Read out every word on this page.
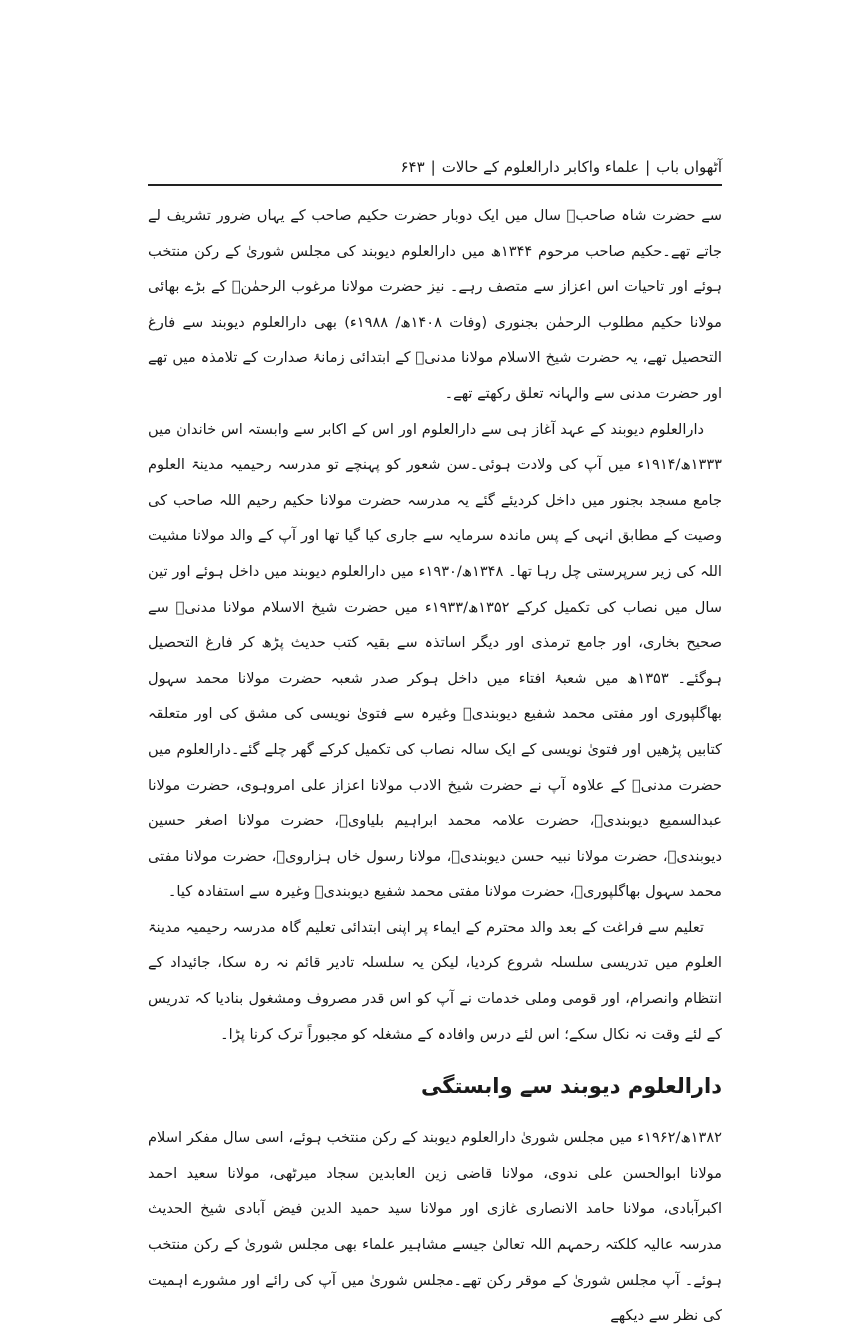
آٹھواں باب
|
علماء واکابر دارالعلوم کے حالات
|
۶۴۳

سے حضرت شاہ صاحبؒ سال میں ایک دوبار حضرت حکیم صاحب کے یہاں ضرور تشریف لے جاتے تھے۔حکیم صاحب مرحوم ۱۳۴۴ھ میں دارالعلوم دیوبند کی مجلس شوریٰ کے رکن منتخب ہوئے اور تاحیات اس اعزاز سے متصف رہے۔ نیز حضرت مولانا مرغوب الرحمٰنؒ کے بڑے بھائی مولانا حکیم مطلوب الرحمٰن بجنوری (وفات ۱۴۰۸ھ/ ۱۹۸۸ء) بھی دارالعلوم دیوبند سے فارغ التحصیل تھے، یہ حضرت شیخ الاسلام مولانا مدنیؒ کے ابتدائی زمانۂ صدارت کے تلامذہ میں تھے اور حضرت مدنی سے والہانہ تعلق رکھتے تھے۔

دارالعلوم دیوبند کے عہد آغاز ہی سے دارالعلوم اور اس کے اکابر سے وابستہ اس خاندان میں ۱۳۳۳ھ/۱۹۱۴ء میں آپ کی ولادت ہوئی۔سن شعور کو پہنچے تو مدرسہ رحیمیہ مدینۃ العلوم جامع مسجد بجنور میں داخل کردیئے گئے یہ مدرسہ حضرت مولانا حکیم رحیم اللہ صاحب کی وصیت کے مطابق انہی کے پس ماندہ سرمایہ سے جاری کیا گیا تھا اور آپ کے والد مولانا مشیت اللہ کی زیر سرپرستی چل رہا تھا۔ ۱۳۴۸ھ/۱۹۳۰ء میں دارالعلوم دیوبند میں داخل ہوئے اور تین سال میں نصاب کی تکمیل کرکے ۱۳۵۲ھ/۱۹۳۳ء میں حضرت شیخ الاسلام مولانا مدنیؒ سے صحیح بخاری، اور جامع ترمذی اور دیگر اساتذہ سے بقیہ کتب حدیث پڑھ کر فارغ التحصیل ہوگئے۔ ۱۳۵۳ھ میں شعبۂ افتاء میں داخل ہوکر صدر شعبہ حضرت مولانا محمد سہول بھاگلپوری اور مفتی محمد شفیع دیوبندیؒ وغیرہ سے فتویٰ نویسی کی مشق کی اور متعلقہ کتابیں پڑھیں اور فتویٰ نویسی کے ایک سالہ نصاب کی تکمیل کرکے گھر چلے گئے۔دارالعلوم میں حضرت مدنیؒ کے علاوہ آپ نے حضرت شیخ الادب مولانا اعزاز علی امروہوی، حضرت مولانا عبدالسمیع دیوبندیؒ، حضرت علامہ محمد ابراہیم بلیاویؒ، حضرت مولانا اصغر حسین دیوبندیؒ، حضرت مولانا نبیہ حسن دیوبندیؒ، مولانا رسول خاں ہزارویؒ، حضرت مولانا مفتی محمد سہول بھاگلپوریؒ، حضرت مولانا مفتی محمد شفیع دیوبندیؒ وغیرہ سے استفادہ کیا۔

تعلیم سے فراغت کے بعد والد محترم کے ایماء پر اپنی ابتدائی تعلیم گاہ مدرسہ رحیمیہ مدینۃ العلوم میں تدریسی سلسلہ شروع کردیا، لیکن یہ سلسلہ تادیر قائم نہ رہ سکا، جائیداد کے انتظام وانصرام، اور قومی وملی خدمات نے آپ کو اس قدر مصروف ومشغول بنادیا کہ تدریس کے لئے وقت نہ نکال سکے؛ اس لئے درس وافادہ کے مشغلہ کو مجبوراً ترک کرنا پڑا۔

دارالعلوم دیوبند سے وابستگی

۱۳۸۲ھ/۱۹۶۲ء میں مجلس شوریٰ دارالعلوم دیوبند کے رکن منتخب ہوئے، اسی سال مفکر اسلام مولانا ابوالحسن علی ندوی، مولانا قاضی زین العابدین سجاد میرٹھی، مولانا سعید احمد اکبرآبادی، مولانا حامد الانصاری غازی اور مولانا سید حمید الدین فیض آبادی شیخ الحدیث مدرسہ عالیہ کلکتہ رحمہم اللہ تعالیٰ جیسے مشاہیر علماء بھی مجلس شوریٰ کے رکن منتخب ہوئے۔ آپ مجلس شوریٰ کے موقر رکن تھے۔مجلس شوریٰ میں آپ کی رائے اور مشورے اہمیت کی نظر سے دیکھے
